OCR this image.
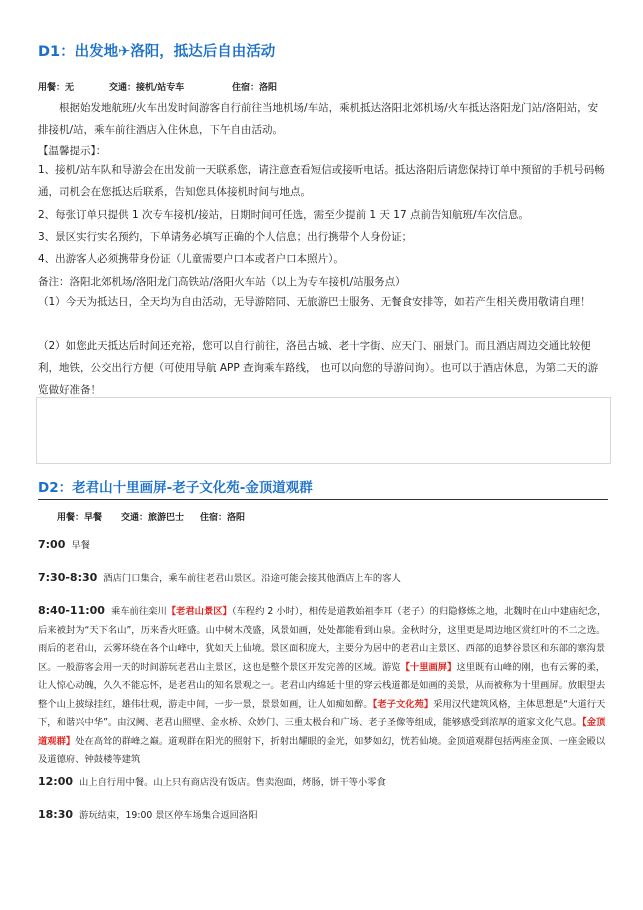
D1：出发地✈洛阳，抵达后自由活动
用餐：无	交通：接机/站专车	住宿：洛阳
根据始发地航班/火车出发时间游客自行前往当地机场/车站，乘机抵达洛阳北郊机场/火车抵达洛阳龙门站/洛阳站，安排接机/站，乘车前往酒店入住休息，下午自由活动。
【温馨提示】：
1、接机/站车队和导游会在出发前一天联系您，请注意查看短信或接听电话。抵达洛阳后请您保持订单中预留的手机号码畅通，司机会在您抵达后联系，告知您具体接机时间与地点。
2、每张订单只提供 1 次专车接机/接站，日期时间可任选，需至少提前 1 天 17 点前告知航班/车次信息。
3、景区实行实名预约，下单请务必填写正确的个人信息；出行携带个人身份证；
4、出游客人必须携带身份证（儿童需要户口本或者户口本照片）。
备注：洛阳北郊机场/洛阳龙门高铁站/洛阳火车站（以上为专车接机/站服务点）
（1）今天为抵达日，全天均为自由活动，无导游陪同、无旅游巴士服务、无餐食安排等，如若产生相关费用敬请自理！
（2）如您此天抵达后时间还充裕，您可以自行前往，洛邑古城、老十字街、应天门、丽景门。而且酒店周边交通比较便利，地铁，公交出行方便（可使用导航 APP 查询乘车路线， 也可以向您的导游问询）。也可以于酒店休息，为第二天的游览做好准备！
D2：老君山十里画屏-老子文化苑-金顶道观群
用餐：早餐 交通：旅游巴士 住宿：洛阳
7:00 早餐
7:30-8:30 酒店门口集合，乘车前往老君山景区。沿途可能会接其他酒店上车的客人
8:40-11:00 乘车前往栾川【老君山景区】（车程约 2 小时），相传是道教始祖李耳（老子）的归隐修炼之地，北魏时在山中建庙纪念，后来被封为“天下名山”，历来香火旺盛。山中树木茂盛，风景如画，处处都能看到山泉。金秋时分，这里更是周边地区赏红叶的不二之选。雨后的老君山，云雾环绕在各个山峰中，犹如天上仙境。景区面积庞大，主要分为居中的老君山主景区、西部的追梦谷景区和东部的寨沟景区。一般游客会用一天的时间游玩老君山主景区，这也是整个景区开发完善的区域。游览【十里画屏】这里既有山峰的刚，也有云雾的柔，让人惊心动魄，久久不能忘怀，是老君山的知名景观之一。老君山内绵延十里的穿云栈道都是如画的美景，从而被称为十里画屏。放眼望去整个山上披绿挂红，雄伟壮观，游走中间，一步一景，景景如画，让人如痴如醉。【老子文化苑】采用汉代建筑风格，主体思想是“大道行天下，和谐兴中华”。由汉阙、老君山照壁、金水桥、众妙门、三重太极台和广场、老子圣像等组成，能够感受到浓厚的道家文化气息。【金顶道观群】处在高耸的群峰之巅。道观群在阳光的照射下，折射出耀眼的金光，如梦如幻，恍若仙境。金顶道观群包括两座金顶、一座金殿以及道德府、钟鼓楼等建筑
12:00 山上自行用中餐。山上只有商店没有饭店。售卖泡面，烤肠，饼干等小零食
18:30 游玩结束，19:00 景区停车场集合返回洛阳
